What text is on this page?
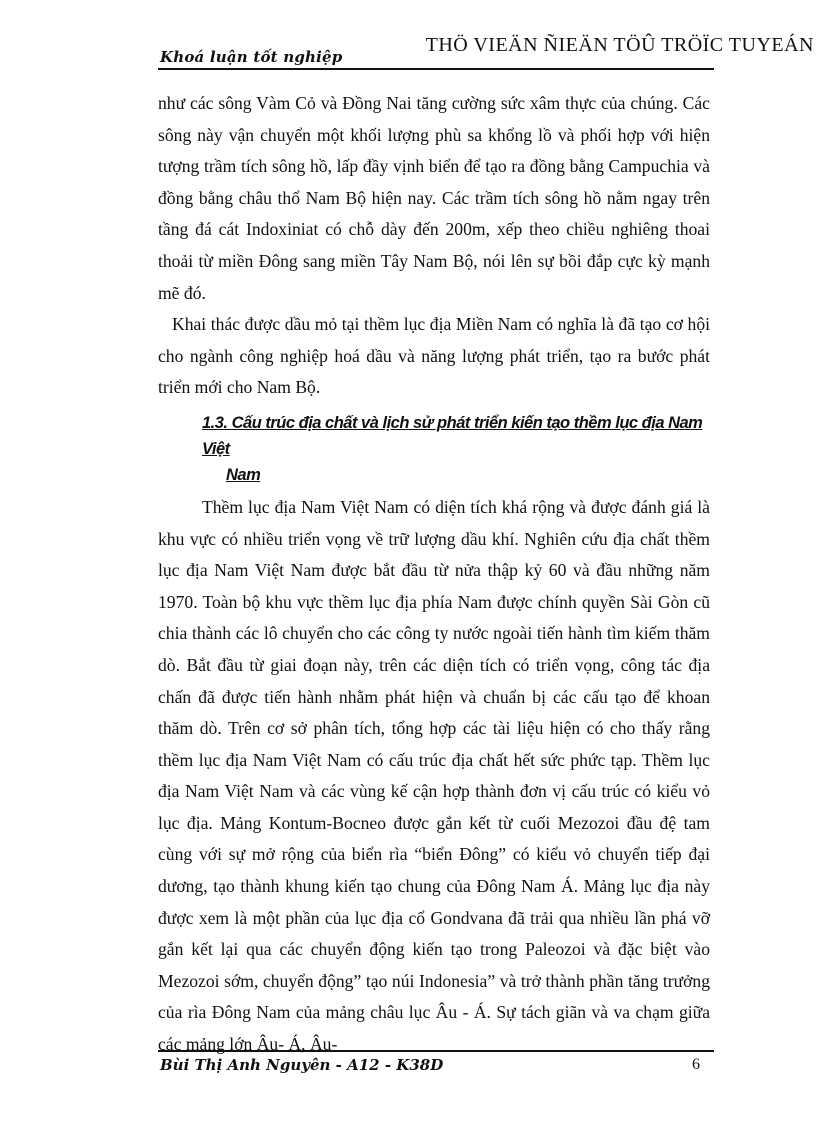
Khoá luận tốt nghiệp
THÖ VIEÄN ÑIEÄN TÖÛ TRÖÏC TUYEÁN

như các sông Vàm Cỏ và Đồng Nai tăng cường sức xâm thực của chúng. Các sông này vận chuyển một khối lượng phù sa khổng lồ và phối hợp với hiện tượng trầm tích sông hồ, lấp đầy vịnh biển để tạo ra đồng bằng Campuchia và đồng bằng châu thổ Nam Bộ hiện nay. Các trầm tích sông hồ nằm ngay trên tầng đá cát Indoxiniat có chỗ dày đến 200m, xếp theo chiều nghiêng thoai thoải từ miền Đông sang miền Tây Nam Bộ, nói lên sự bồi đắp cực kỳ mạnh mẽ đó.

Khai thác được dầu mỏ tại thềm lục địa Miền Nam có nghĩa là đã tạo cơ hội cho ngành công nghiệp hoá dầu và năng lượng phát triển, tạo ra bước phát triển mới cho Nam Bộ.

1.3. Cấu trúc địa chất và lịch sử phát triển kiến tạo thềm lục địa Nam Việt
Nam

Thềm lục địa Nam Việt Nam có diện tích khá rộng và được đánh giá là khu vực có nhiều triển vọng về trữ lượng dầu khí. Nghiên cứu địa chất thềm lục địa Nam Việt Nam được bắt đầu từ nửa thập kỷ 60 và đầu những năm 1970. Toàn bộ khu vực thềm lục địa phía Nam được chính quyền Sài Gòn cũ chia thành các lô chuyển cho các công ty nước ngoài tiến hành tìm kiếm thăm dò. Bắt đầu từ giai đoạn này, trên các diện tích có triển vọng, công tác địa chấn đã được tiến hành nhằm phát hiện và chuẩn bị các cấu tạo để khoan thăm dò. Trên cơ sở phân tích, tổng hợp các tài liệu hiện có cho thấy rằng thềm lục địa Nam Việt Nam có cấu trúc địa chất hết sức phức tạp. Thềm lục địa Nam Việt Nam và các vùng kế cận hợp thành đơn vị cấu trúc có kiểu vỏ lục địa. Mảng Kontum-Bocneo được gắn kết từ cuối Mezozoi đầu đệ tam cùng với sự mở rộng của biển rìa “biển Đông” có kiểu vỏ chuyển tiếp đại dương, tạo thành khung kiến tạo chung của Đông Nam Á. Mảng lục địa này được xem là một phần của lục địa cổ Gondvana đã trải qua nhiều lần phá vỡ gắn kết lại qua các chuyển động kiến tạo trong Paleozoi và đặc biệt vào Mezozoi sớm, chuyển động” tạo núi Indonesia” và trở thành phần tăng trưởng của rìa Đông Nam của mảng châu lục Âu - Á. Sự tách giãn và va chạm giữa các mảng lớn Âu- Á, Âu-

Bùi Thị Anh Nguyên - A12 - K38D	6
